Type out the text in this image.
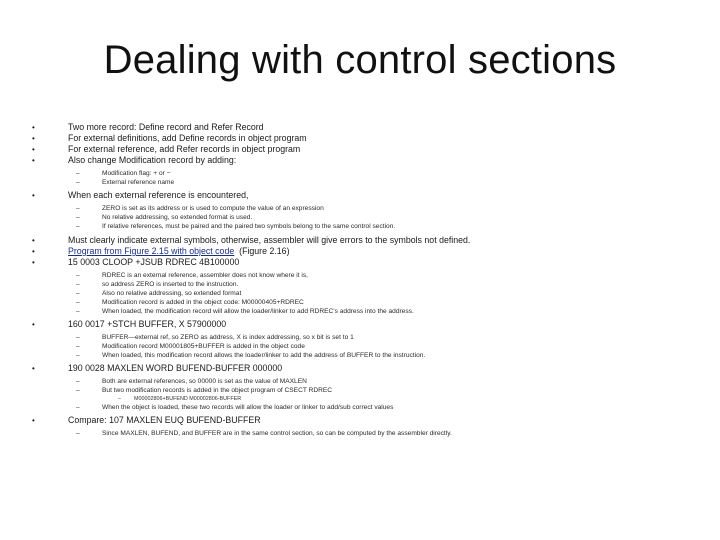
Dealing with control sections
•	Two more record: Define record and Refer Record
•	For external definitions, add Define records in object program
•	For external reference, add Refer records in object program
•	Also change Modification record by adding:
–	Modification flag: + or −
–	External reference name
•	When each external reference is encountered,
–	ZERO is set as its address or is used to compute the value of an expression
–	No relative addressing, so extended format is used.
–	If relative references, must be paired and the paired two symbols belong to the same control section.
•	Must clearly indicate external symbols, otherwise, assembler will give errors to the symbols not defined.
•	Program from Figure 2.15 with object code (Figure 2.16)
•	15 0003 CLOOP +JSUB RDREC 4B100000
–	RDREC is an external reference, assembler does not know where it is,
–	so address ZERO is inserted to the instruction.
–	Also no relative addressing, so extended format
–	Modification record is added in the object code: M00000405+RDREC
–	When loaded, the modification record will allow the loader/linker to add RDREC’s address into the address.
•	160 0017 +STCH BUFFER, X 57900000
–	BUFFER—external ref, so ZERO as address, X is index addressing, so x bit is set to 1
–	Modification record M00001805+BUFFER is added in the object code
–	When loaded, this modification record allows the loader/linker to add the address of BUFFER to the instruction.
•	190 0028 MAXLEN WORD BUFEND-BUFFER 000000
–	Both are external references, so 00000 is set as the value of MAXLEN
–	But two modification records is added in the object program of CSECT RDREC
– M00002806+BUFEND M00002806-BUFFER
–	When the object is loaded, these two records will allow the loader or linker to add/sub correct values
•	Compare: 107 MAXLEN EUQ BUFEND-BUFFER
–	Since MAXLEN, BUFEND, and BUFFER are in the same control section, so can be computed by the assembler directly.
